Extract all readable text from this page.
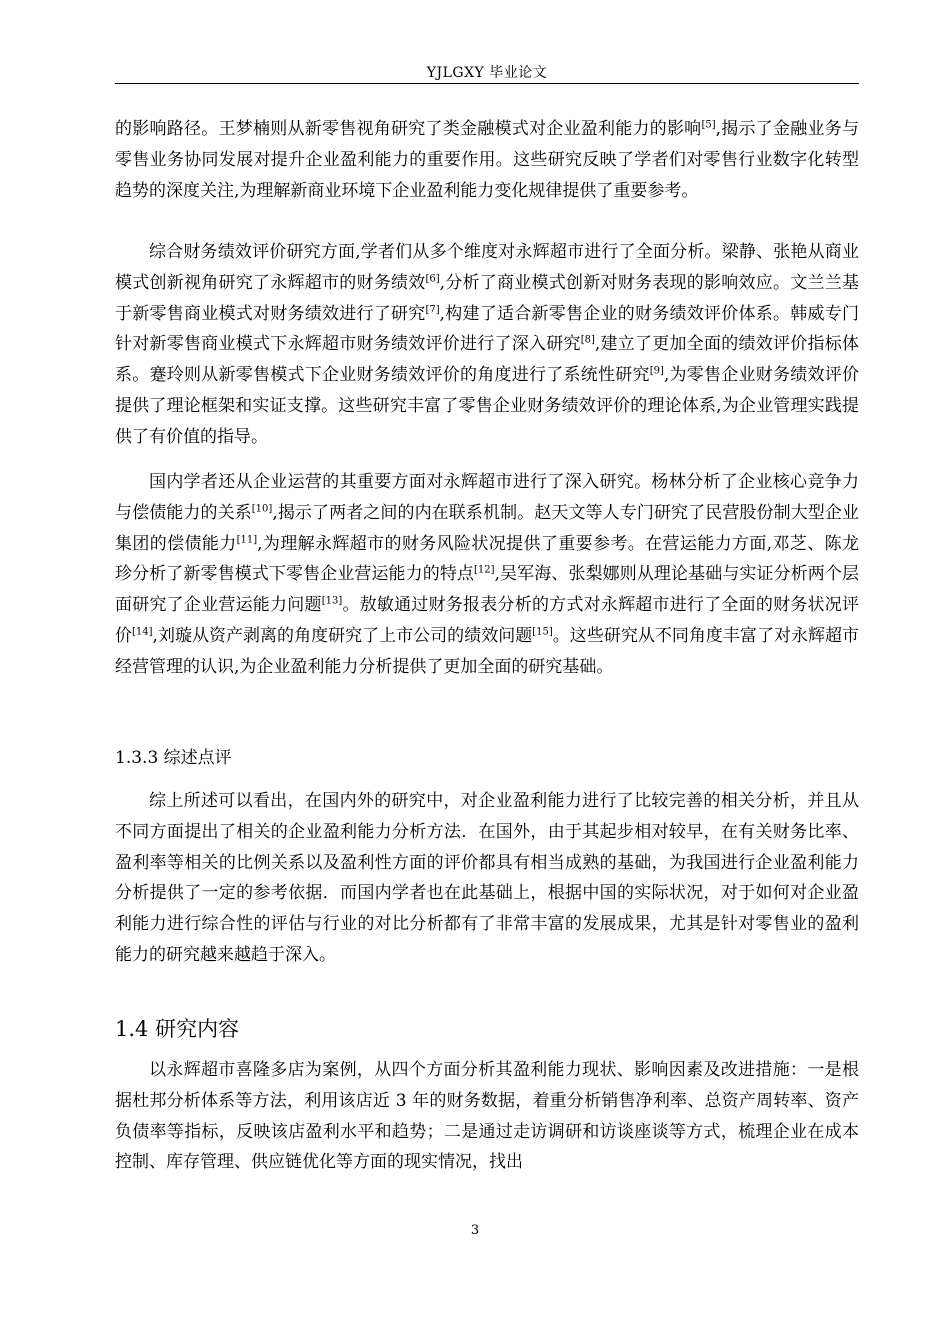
YJLGXY 毕业论文

的影响路径。王梦楠则从新零售视角研究了类金融模式对企业盈利能力的影响[5],揭示了金融业务与零售业务协同发展对提升企业盈利能力的重要作用。这些研究反映了学者们对零售行业数字化转型趋势的深度关注,为理解新商业环境下企业盈利能力变化规律提供了重要参考。

综合财务绩效评价研究方面,学者们从多个维度对永辉超市进行了全面分析。梁静、张艳从商业模式创新视角研究了永辉超市的财务绩效[6],分析了商业模式创新对财务表现的影响效应。文兰兰基于新零售商业模式对财务绩效进行了研究[7],构建了适合新零售企业的财务绩效评价体系。韩威专门针对新零售商业模式下永辉超市财务绩效评价进行了深入研究[8],建立了更加全面的绩效评价指标体系。蹇玲则从新零售模式下企业财务绩效评价的角度进行了系统性研究[9],为零售企业财务绩效评价提供了理论框架和实证支撑。这些研究丰富了零售企业财务绩效评价的理论体系,为企业管理实践提供了有价值的指导。

国内学者还从企业运营的其重要方面对永辉超市进行了深入研究。杨林分析了企业核心竞争力与偿债能力的关系[10],揭示了两者之间的内在联系机制。赵天文等人专门研究了民营股份制大型企业集团的偿债能力[11],为理解永辉超市的财务风险状况提供了重要参考。在营运能力方面,邓芝、陈龙珍分析了新零售模式下零售企业营运能力的特点[12],吴军海、张梨娜则从理论基础与实证分析两个层面研究了企业营运能力问题[13]。敖敏通过财务报表分析的方式对永辉超市进行了全面的财务状况评价[14],刘璇从资产剥离的角度研究了上市公司的绩效问题[15]。这些研究从不同角度丰富了对永辉超市经营管理的认识,为企业盈利能力分析提供了更加全面的研究基础。

1.3.3 综述点评

综上所述可以看出，在国内外的研究中，对企业盈利能力进行了比较完善的相关分析，并且从不同方面提出了相关的企业盈利能力分析方法．在国外，由于其起步相对较早，在有关财务比率、盈利率等相关的比例关系以及盈利性方面的评价都具有相当成熟的基础，为我国进行企业盈利能力分析提供了一定的参考依据．而国内学者也在此基础上，根据中国的实际状况，对于如何对企业盈利能力进行综合性的评估与行业的对比分析都有了非常丰富的发展成果，尤其是针对零售业的盈利能力的研究越来越趋于深入。

1.4 研究内容

以永辉超市喜隆多店为案例，从四个方面分析其盈利能力现状、影响因素及改进措施：一是根据杜邦分析体系等方法，利用该店近 3 年的财务数据，着重分析销售净利率、总资产周转率、资产负债率等指标，反映该店盈利水平和趋势；二是通过走访调研和访谈座谈等方式，梳理企业在成本控制、库存管理、供应链优化等方面的现实情况，找出

3
